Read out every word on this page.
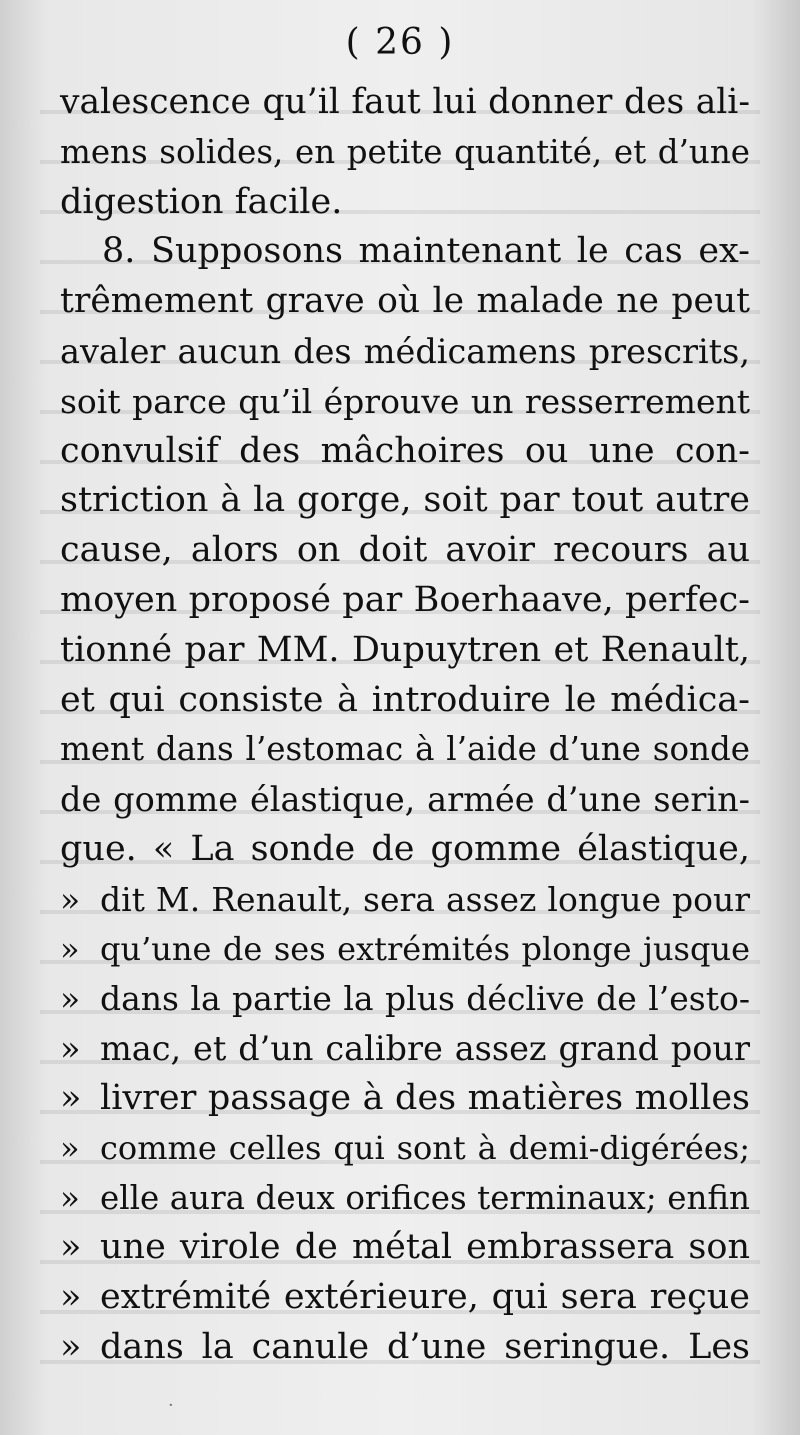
( 26 )
valescence qu’il faut lui donner des ali-
mens solides, en petite quantité, et d’une
digestion facile.
8. Supposons maintenant le cas ex-
trêmement grave où le malade ne peut
avaler aucun des médicamens prescrits,
soit parce qu’il éprouve un resserrement
convulsif des mâchoires ou une con-
striction à la gorge, soit par tout autre
cause, alors on doit avoir recours au
moyen proposé par Boerhaave, perfec-
tionné par MM. Dupuytren et Renault,
et qui consiste à introduire le médica-
ment dans l’estomac à l’aide d’une sonde
de gomme élastique, armée d’une serin-
gue. « La sonde de gomme élastique,
» dit M. Renault, sera assez longue pour
» qu’une de ses extrémités plonge jusque
» dans la partie la plus déclive de l’esto-
» mac, et d’un calibre assez grand pour
» livrer passage à des matières molles
» comme celles qui sont à demi-digérées;
» elle aura deux orifices terminaux; enfin
» une virole de métal embrassera son
» extrémité extérieure, qui sera reçue
» dans la canule d’une seringue. Les
·
